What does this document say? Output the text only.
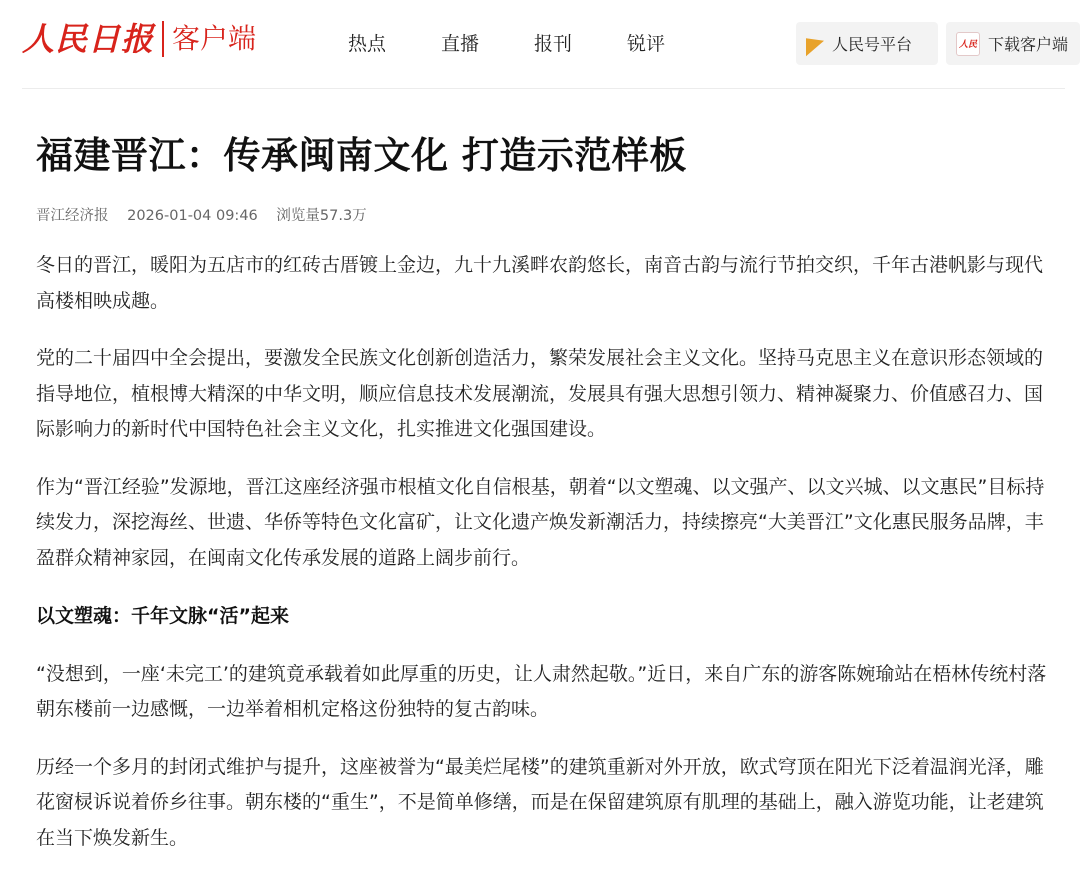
人民日报 客户端	热点	直播	报刊	锐评	人民号平台	人民 下载客户端
福建晋江：传承闽南文化 打造示范样板
晋江经济报 2026-01-04 09:46 浏览量57.3万

冬日的晋江，暖阳为五店市的红砖古厝镀上金边，九十九溪畔农韵悠长，南音古韵与流行节拍交织，千年古港帆影与现代高楼相映成趣。

党的二十届四中全会提出，要激发全民族文化创新创造活力，繁荣发展社会主义文化。坚持马克思主义在意识形态领域的指导地位，植根博大精深的中华文明，顺应信息技术发展潮流，发展具有强大思想引领力、精神凝聚力、价值感召力、国际影响力的新时代中国特色社会主义文化，扎实推进文化强国建设。

作为“晋江经验”发源地，晋江这座经济强市根植文化自信根基，朝着“以文塑魂、以文强产、以文兴城、以文惠民”目标持续发力，深挖海丝、世遗、华侨等特色文化富矿，让文化遗产焕发新潮活力，持续擦亮“大美晋江”文化惠民服务品牌，丰盈群众精神家园，在闽南文化传承发展的道路上阔步前行。

以文塑魂：千年文脉“活”起来

“没想到，一座‘未完工’的建筑竟承载着如此厚重的历史，让人肃然起敬。”近日，来自广东的游客陈婉瑜站在梧林传统村落朝东楼前一边感慨，一边举着相机定格这份独特的复古韵味。

历经一个多月的封闭式维护与提升，这座被誉为“最美烂尾楼”的建筑重新对外开放，欧式穹顶在阳光下泛着温润光泽，雕花窗棂诉说着侨乡往事。朝东楼的“重生”，不是简单修缮，而是在保留建筑原有肌理的基础上，融入游览功能，让老建筑在当下焕发新生。
